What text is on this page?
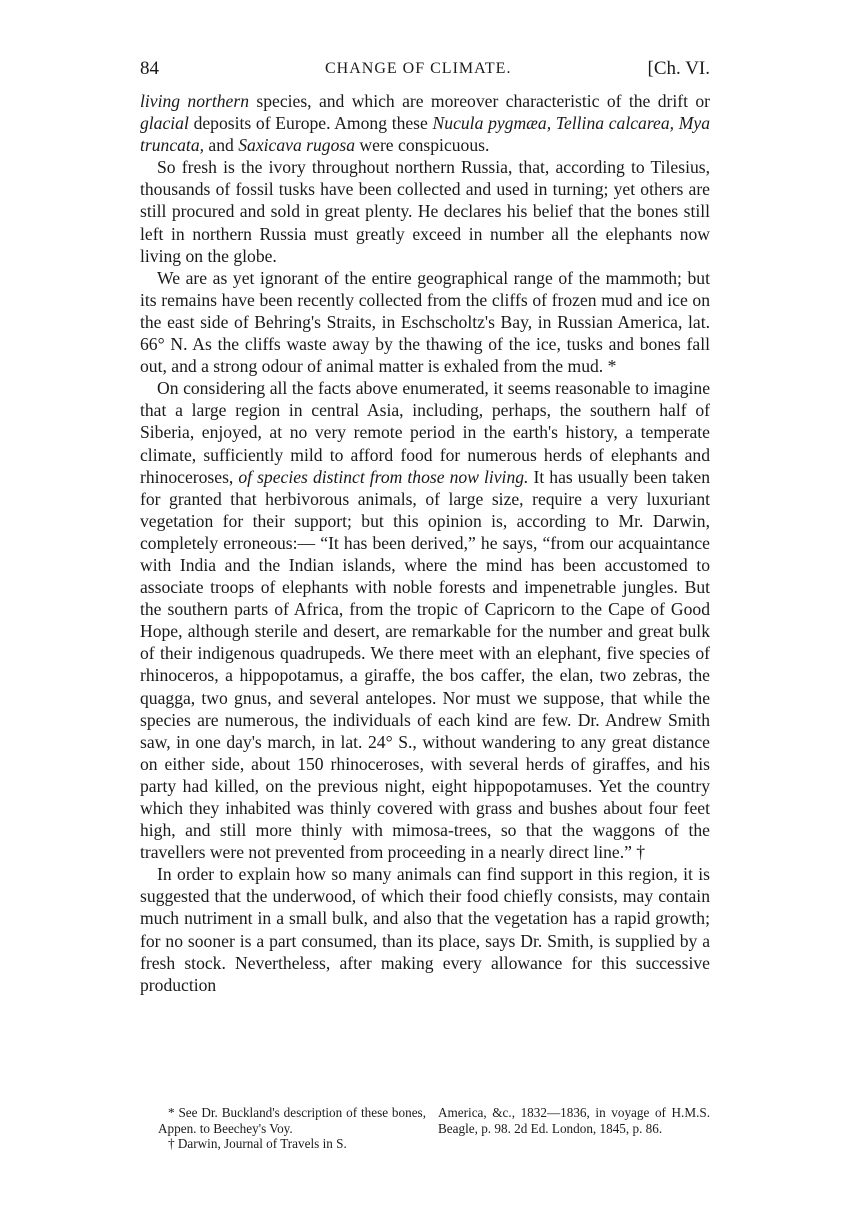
84	CHANGE OF CLIMATE.	[Ch. VI.

living northern species, and which are moreover characteristic of the drift or glacial deposits of Europe. Among these Nucula pygmæa, Tellina calcarea, Mya truncata, and Saxicava rugosa were conspicuous.

So fresh is the ivory throughout northern Russia, that, according to Tilesius, thousands of fossil tusks have been collected and used in turning; yet others are still procured and sold in great plenty. He declares his belief that the bones still left in northern Russia must greatly exceed in number all the elephants now living on the globe.

We are as yet ignorant of the entire geographical range of the mammoth; but its remains have been recently collected from the cliffs of frozen mud and ice on the east side of Behring's Straits, in Eschscholtz's Bay, in Russian America, lat. 66° N. As the cliffs waste away by the thawing of the ice, tusks and bones fall out, and a strong odour of animal matter is exhaled from the mud. *

On considering all the facts above enumerated, it seems reasonable to imagine that a large region in central Asia, including, perhaps, the southern half of Siberia, enjoyed, at no very remote period in the earth's history, a temperate climate, sufficiently mild to afford food for numerous herds of elephants and rhinoceroses, of species distinct from those now living. It has usually been taken for granted that herbivorous animals, of large size, require a very luxuriant vegetation for their support; but this opinion is, according to Mr. Darwin, completely erroneous:— “It has been derived,” he says, “from our acquaintance with India and the Indian islands, where the mind has been accustomed to associate troops of elephants with noble forests and impenetrable jungles. But the southern parts of Africa, from the tropic of Capricorn to the Cape of Good Hope, although sterile and desert, are remarkable for the number and great bulk of their indigenous quadrupeds. We there meet with an elephant, five species of rhinoceros, a hippopotamus, a giraffe, the bos caffer, the elan, two zebras, the quagga, two gnus, and several antelopes. Nor must we suppose, that while the species are numerous, the individuals of each kind are few. Dr. Andrew Smith saw, in one day's march, in lat. 24° S., without wandering to any great distance on either side, about 150 rhinoceroses, with several herds of giraffes, and his party had killed, on the previous night, eight hippopotamuses. Yet the country which they inhabited was thinly covered with grass and bushes about four feet high, and still more thinly with mimosa-trees, so that the waggons of the travellers were not prevented from proceeding in a nearly direct line.” †

In order to explain how so many animals can find support in this region, it is suggested that the underwood, of which their food chiefly consists, may contain much nutriment in a small bulk, and also that the vegetation has a rapid growth; for no sooner is a part consumed, than its place, says Dr. Smith, is supplied by a fresh stock. Nevertheless, after making every allowance for this successive production

* See Dr. Buckland's description of these bones, Appen. to Beechey's Voy.

† Darwin, Journal of Travels in S.

America, &c., 1832—1836, in voyage of H.M.S. Beagle, p. 98. 2d Ed. London, 1845, p. 86.
